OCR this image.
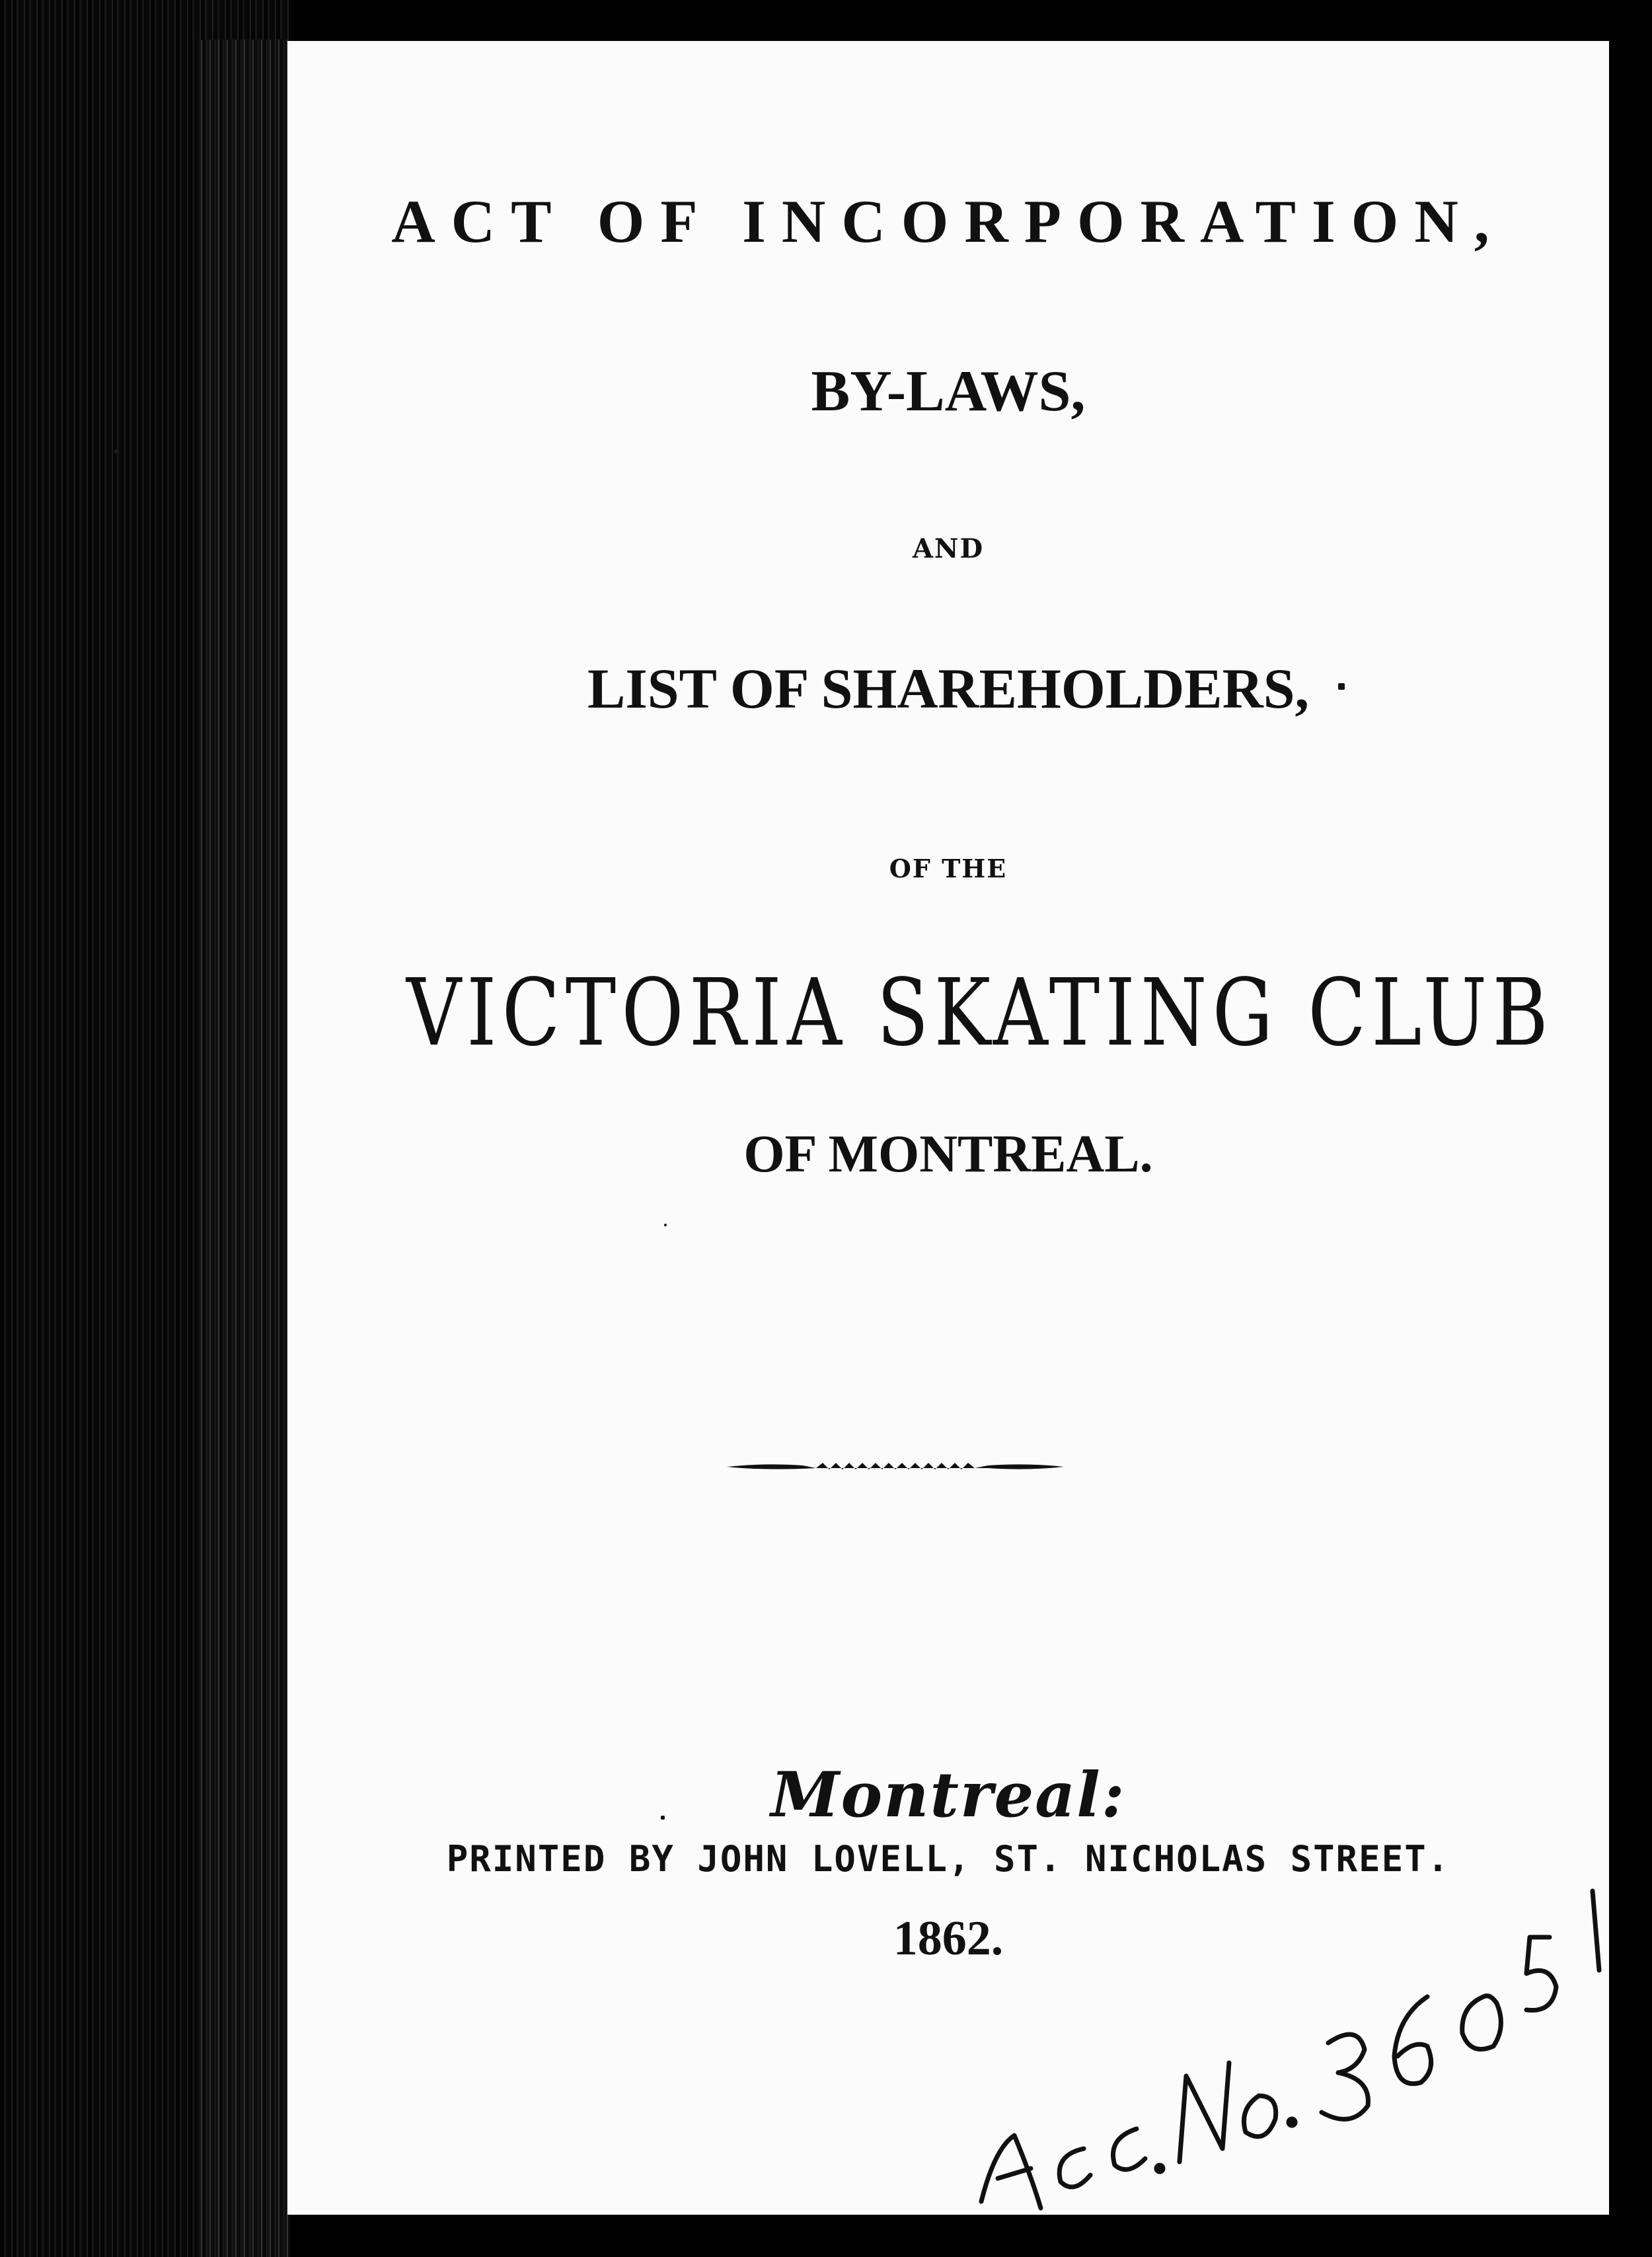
ACT OF INCORPORATION,
BY-LAWS,
AND
LIST OF SHAREHOLDERS,
OF THE
VICTORIA SKATING CLUB
OF MONTREAL.
Montreal:
PRINTED BY JOHN LOVELL, ST. NICHOLAS STREET.
1862.
